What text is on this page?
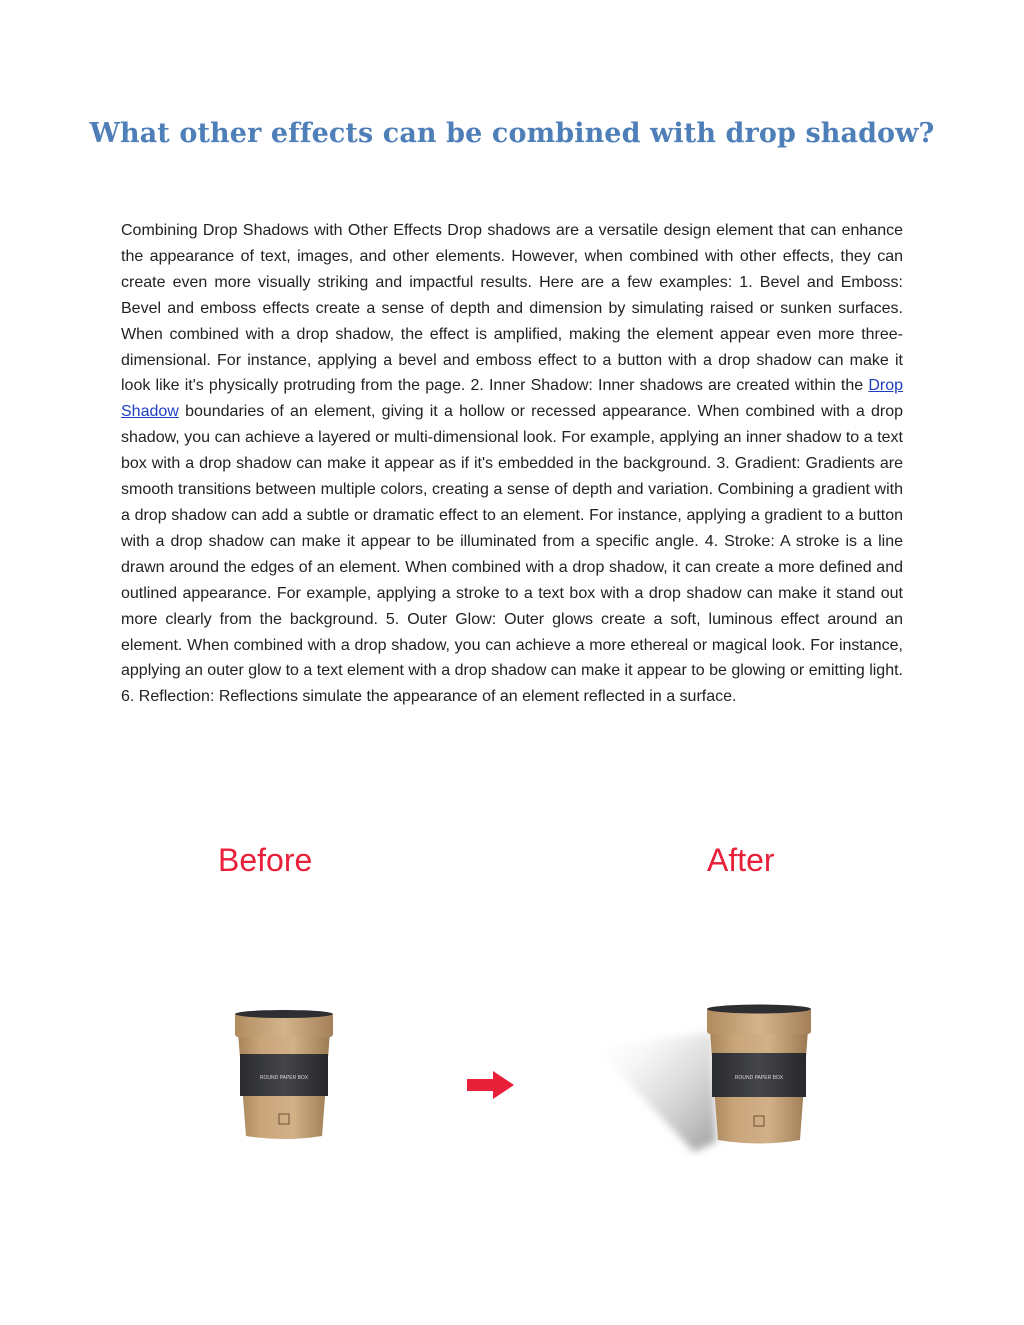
What other effects can be combined with drop shadow?

Combining Drop Shadows with Other Effects Drop shadows are a versatile design element that can enhance the appearance of text, images, and other elements. However, when combined with other effects, they can create even more visually striking and impactful results. Here are a few examples: 1. Bevel and Emboss: Bevel and emboss effects create a sense of depth and dimension by simulating raised or sunken surfaces. When combined with a drop shadow, the effect is amplified, making the element appear even more three-dimensional. For instance, applying a bevel and emboss effect to a button with a drop shadow can make it look like it's physically protruding from the page. 2. Inner Shadow: Inner shadows are created within the Drop Shadow boundaries of an element, giving it a hollow or recessed appearance. When combined with a drop shadow, you can achieve a layered or multi-dimensional look. For example, applying an inner shadow to a text box with a drop shadow can make it appear as if it's embedded in the background. 3. Gradient: Gradients are smooth transitions between multiple colors, creating a sense of depth and variation. Combining a gradient with a drop shadow can add a subtle or dramatic effect to an element. For instance, applying a gradient to a button with a drop shadow can make it appear to be illuminated from a specific angle. 4. Stroke: A stroke is a line drawn around the edges of an element. When combined with a drop shadow, it can create a more defined and outlined appearance. For example, applying a stroke to a text box with a drop shadow can make it stand out more clearly from the background. 5. Outer Glow: Outer glows create a soft, luminous effect around an element. When combined with a drop shadow, you can achieve a more ethereal or magical look. For instance, applying an outer glow to a text element with a drop shadow can make it appear to be glowing or emitting light. 6. Reflection: Reflections simulate the appearance of an element reflected in a surface.

Before	After
ROUND PAPER BOX	ROUND PAPER BOX
